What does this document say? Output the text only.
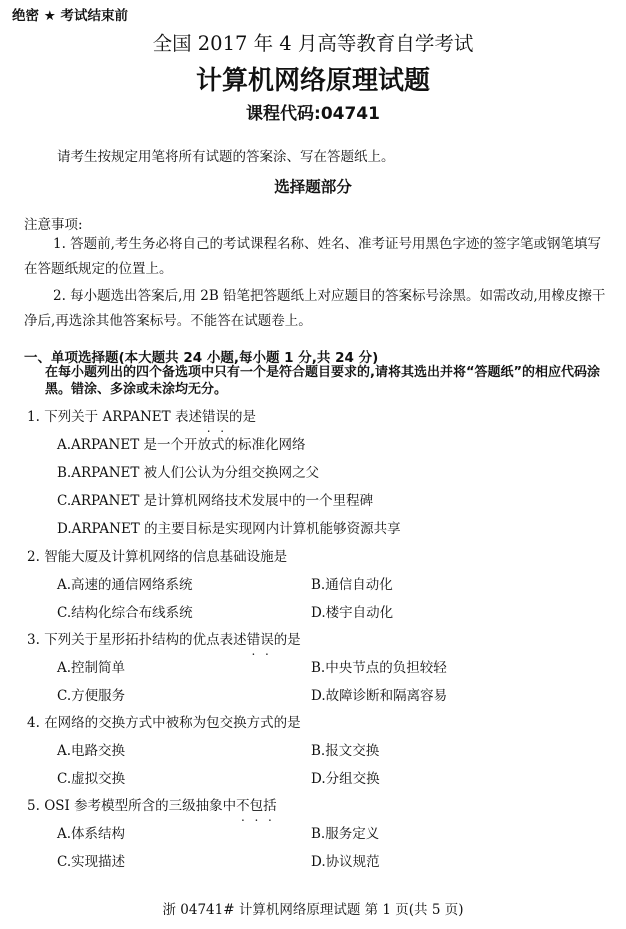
绝密 ★ 考试结束前
全国 2017 年 4 月高等教育自学考试
计算机网络原理试题
课程代码:04741
请考生按规定用笔将所有试题的答案涂、写在答题纸上。
选择题部分
注意事项:
1. 答题前,考生务必将自己的考试课程名称、姓名、准考证号用黑色字迹的签字笔或钢笔填写在答题纸规定的位置上。
2. 每小题选出答案后,用 2B 铅笔把答题纸上对应题目的答案标号涂黑。如需改动,用橡皮擦干净后,再选涂其他答案标号。不能答在试题卷上。
一、单项选择题(本大题共 24 小题,每小题 1 分,共 24 分)
在每小题列出的四个备选项中只有一个是符合题目要求的,请将其选出并将“答题纸”的相应代码涂黑。错涂、多涂或未涂均无分。
1. 下列关于 ARPANET 表述错误的是
A.ARPANET 是一个开放式的标准化网络
B.ARPANET 被人们公认为分组交换网之父
C.ARPANET 是计算机网络技术发展中的一个里程碑
D.ARPANET 的主要目标是实现网内计算机能够资源共享
2. 智能大厦及计算机网络的信息基础设施是
A.高速的通信网络系统	B.通信自动化
C.结构化综合布线系统	D.楼宇自动化
3. 下列关于星形拓扑结构的优点表述错误的是
A.控制简单	B.中央节点的负担较轻
C.方便服务	D.故障诊断和隔离容易
4. 在网络的交换方式中被称为包交换方式的是
A.电路交换	B.报文交换
C.虚拟交换	D.分组交换
5. OSI 参考模型所含的三级抽象中不包括
A.体系结构	B.服务定义
C.实现描述	D.协议规范
浙 04741# 计算机网络原理试题 第 1 页(共 5 页)
